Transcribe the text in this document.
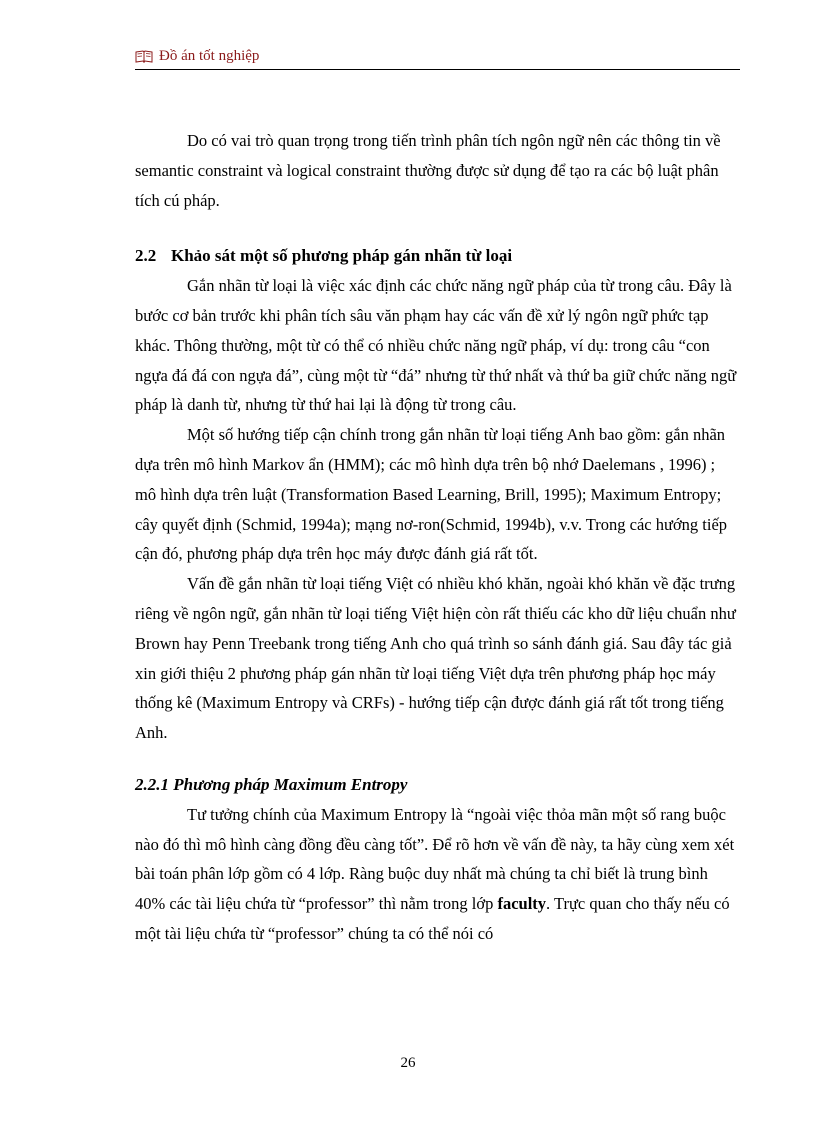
Đồ án tốt nghiệp

Do có vai trò quan trọng trong tiến trình phân tích ngôn ngữ nên các thông tin về semantic constraint và logical constraint thường được sử dụng để tạo ra các bộ luật phân tích cú pháp.

2.2 Khảo sát một số phương pháp gán nhãn từ loại

Gắn nhãn từ loại là việc xác định các chức năng ngữ pháp của từ trong câu. Đây là bước cơ bản trước khi phân tích sâu văn phạm hay các vấn đề xử lý ngôn ngữ phức tạp khác. Thông thường, một từ có thể có nhiều chức năng ngữ pháp, ví dụ: trong câu “con ngựa đá đá con ngựa đá”, cùng một từ “đá” nhưng từ thứ nhất và thứ ba giữ chức năng ngữ pháp là danh từ, nhưng từ thứ hai lại là động từ trong câu.

Một số hướng tiếp cận chính trong gắn nhãn từ loại tiếng Anh bao gồm: gắn nhãn dựa trên mô hình Markov ẩn (HMM); các mô hình dựa trên bộ nhớ Daelemans , 1996) ; mô hình dựa trên luật (Transformation Based Learning, Brill, 1995); Maximum Entropy; cây quyết định (Schmid, 1994a); mạng nơ-ron(Schmid, 1994b), v.v. Trong các hướng tiếp cận đó, phương pháp dựa trên học máy được đánh giá rất tốt.

Vấn đề gắn nhãn từ loại tiếng Việt có nhiều khó khăn, ngoài khó khăn về đặc trưng riêng về ngôn ngữ, gắn nhãn từ loại tiếng Việt hiện còn rất thiếu các kho dữ liệu chuẩn như Brown hay Penn Treebank trong tiếng Anh cho quá trình so sánh đánh giá. Sau đây tác giả xin giới thiệu 2 phương pháp gán nhãn từ loại tiếng Việt dựa trên phương pháp học máy thống kê (Maximum Entropy và CRFs) - hướng tiếp cận được đánh giá rất tốt trong tiếng Anh.

2.2.1 Phương pháp Maximum Entropy

Tư tưởng chính của Maximum Entropy là “ngoài việc thỏa mãn một số rang buộc nào đó thì mô hình càng đồng đều càng tốt”. Để rõ hơn về vấn đề này, ta hãy cùng xem xét bài toán phân lớp gồm có 4 lớp. Ràng buộc duy nhất mà chúng ta chỉ biết là trung bình 40% các tài liệu chứa từ “professor” thì nằm trong lớp faculty. Trực quan cho thấy nếu có một tài liệu chứa từ “professor” chúng ta có thể nói có

26
